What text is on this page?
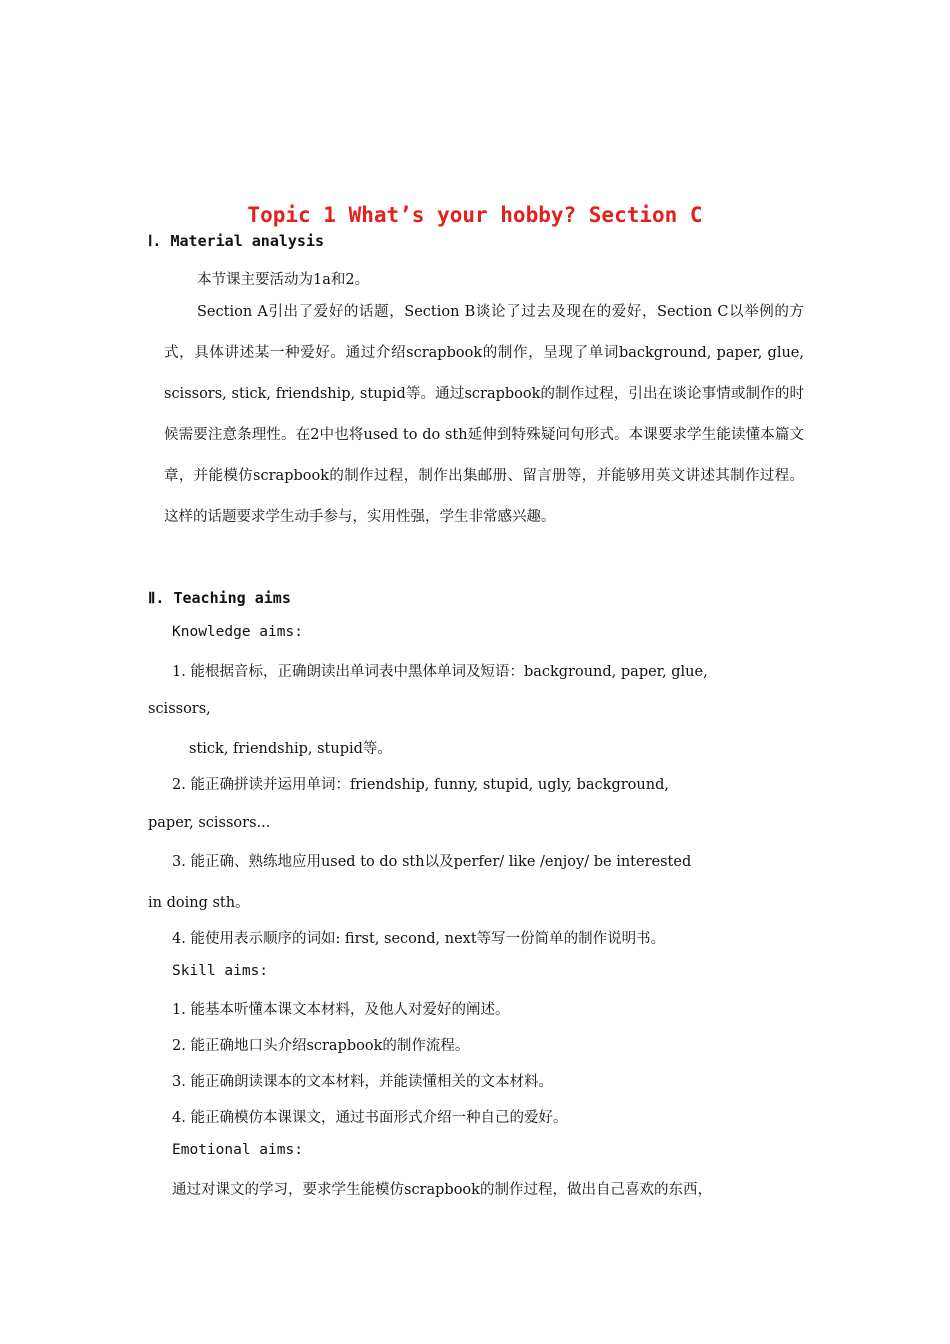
Topic 1 What’s your hobby? Section C
Ⅰ. Material analysis
本节课主要活动为1a和2。
Section A引出了爱好的话题，Section B谈论了过去及现在的爱好，Section C以举例的方式，具体讲述某一种爱好。通过介绍scrapbook的制作，呈现了单词background, paper, glue, scissors, stick, friendship, stupid等。通过scrapbook的制作过程，引出在谈论事情或制作的时候需要注意条理性。在2中也将used to do sth延伸到特殊疑问句形式。本课要求学生能读懂本篇文章，并能模仿scrapbook的制作过程，制作出集邮册、留言册等，并能够用英文讲述其制作过程。这样的话题要求学生动手参与，实用性强，学生非常感兴趣。
Ⅱ. Teaching aims
Knowledge aims:
1. 能根据音标，正确朗读出单词表中黑体单词及短语：background, paper, glue,
scissors,
stick, friendship, stupid等。
2. 能正确拼读并运用单词：friendship, funny, stupid, ugly, background,
paper, scissors...
3. 能正确、熟练地应用used to do sth以及perfer/ like /enjoy/ be interested
in doing sth。
4. 能使用表示顺序的词如: first, second, next等写一份简单的制作说明书。
Skill aims:
1. 能基本听懂本课文本材料，及他人对爱好的阐述。
2. 能正确地口头介绍scrapbook的制作流程。
3. 能正确朗读课本的文本材料，并能读懂相关的文本材料。
4. 能正确模仿本课课文，通过书面形式介绍一种自己的爱好。
Emotional aims:
通过对课文的学习，要求学生能模仿scrapbook的制作过程，做出自己喜欢的东西，
